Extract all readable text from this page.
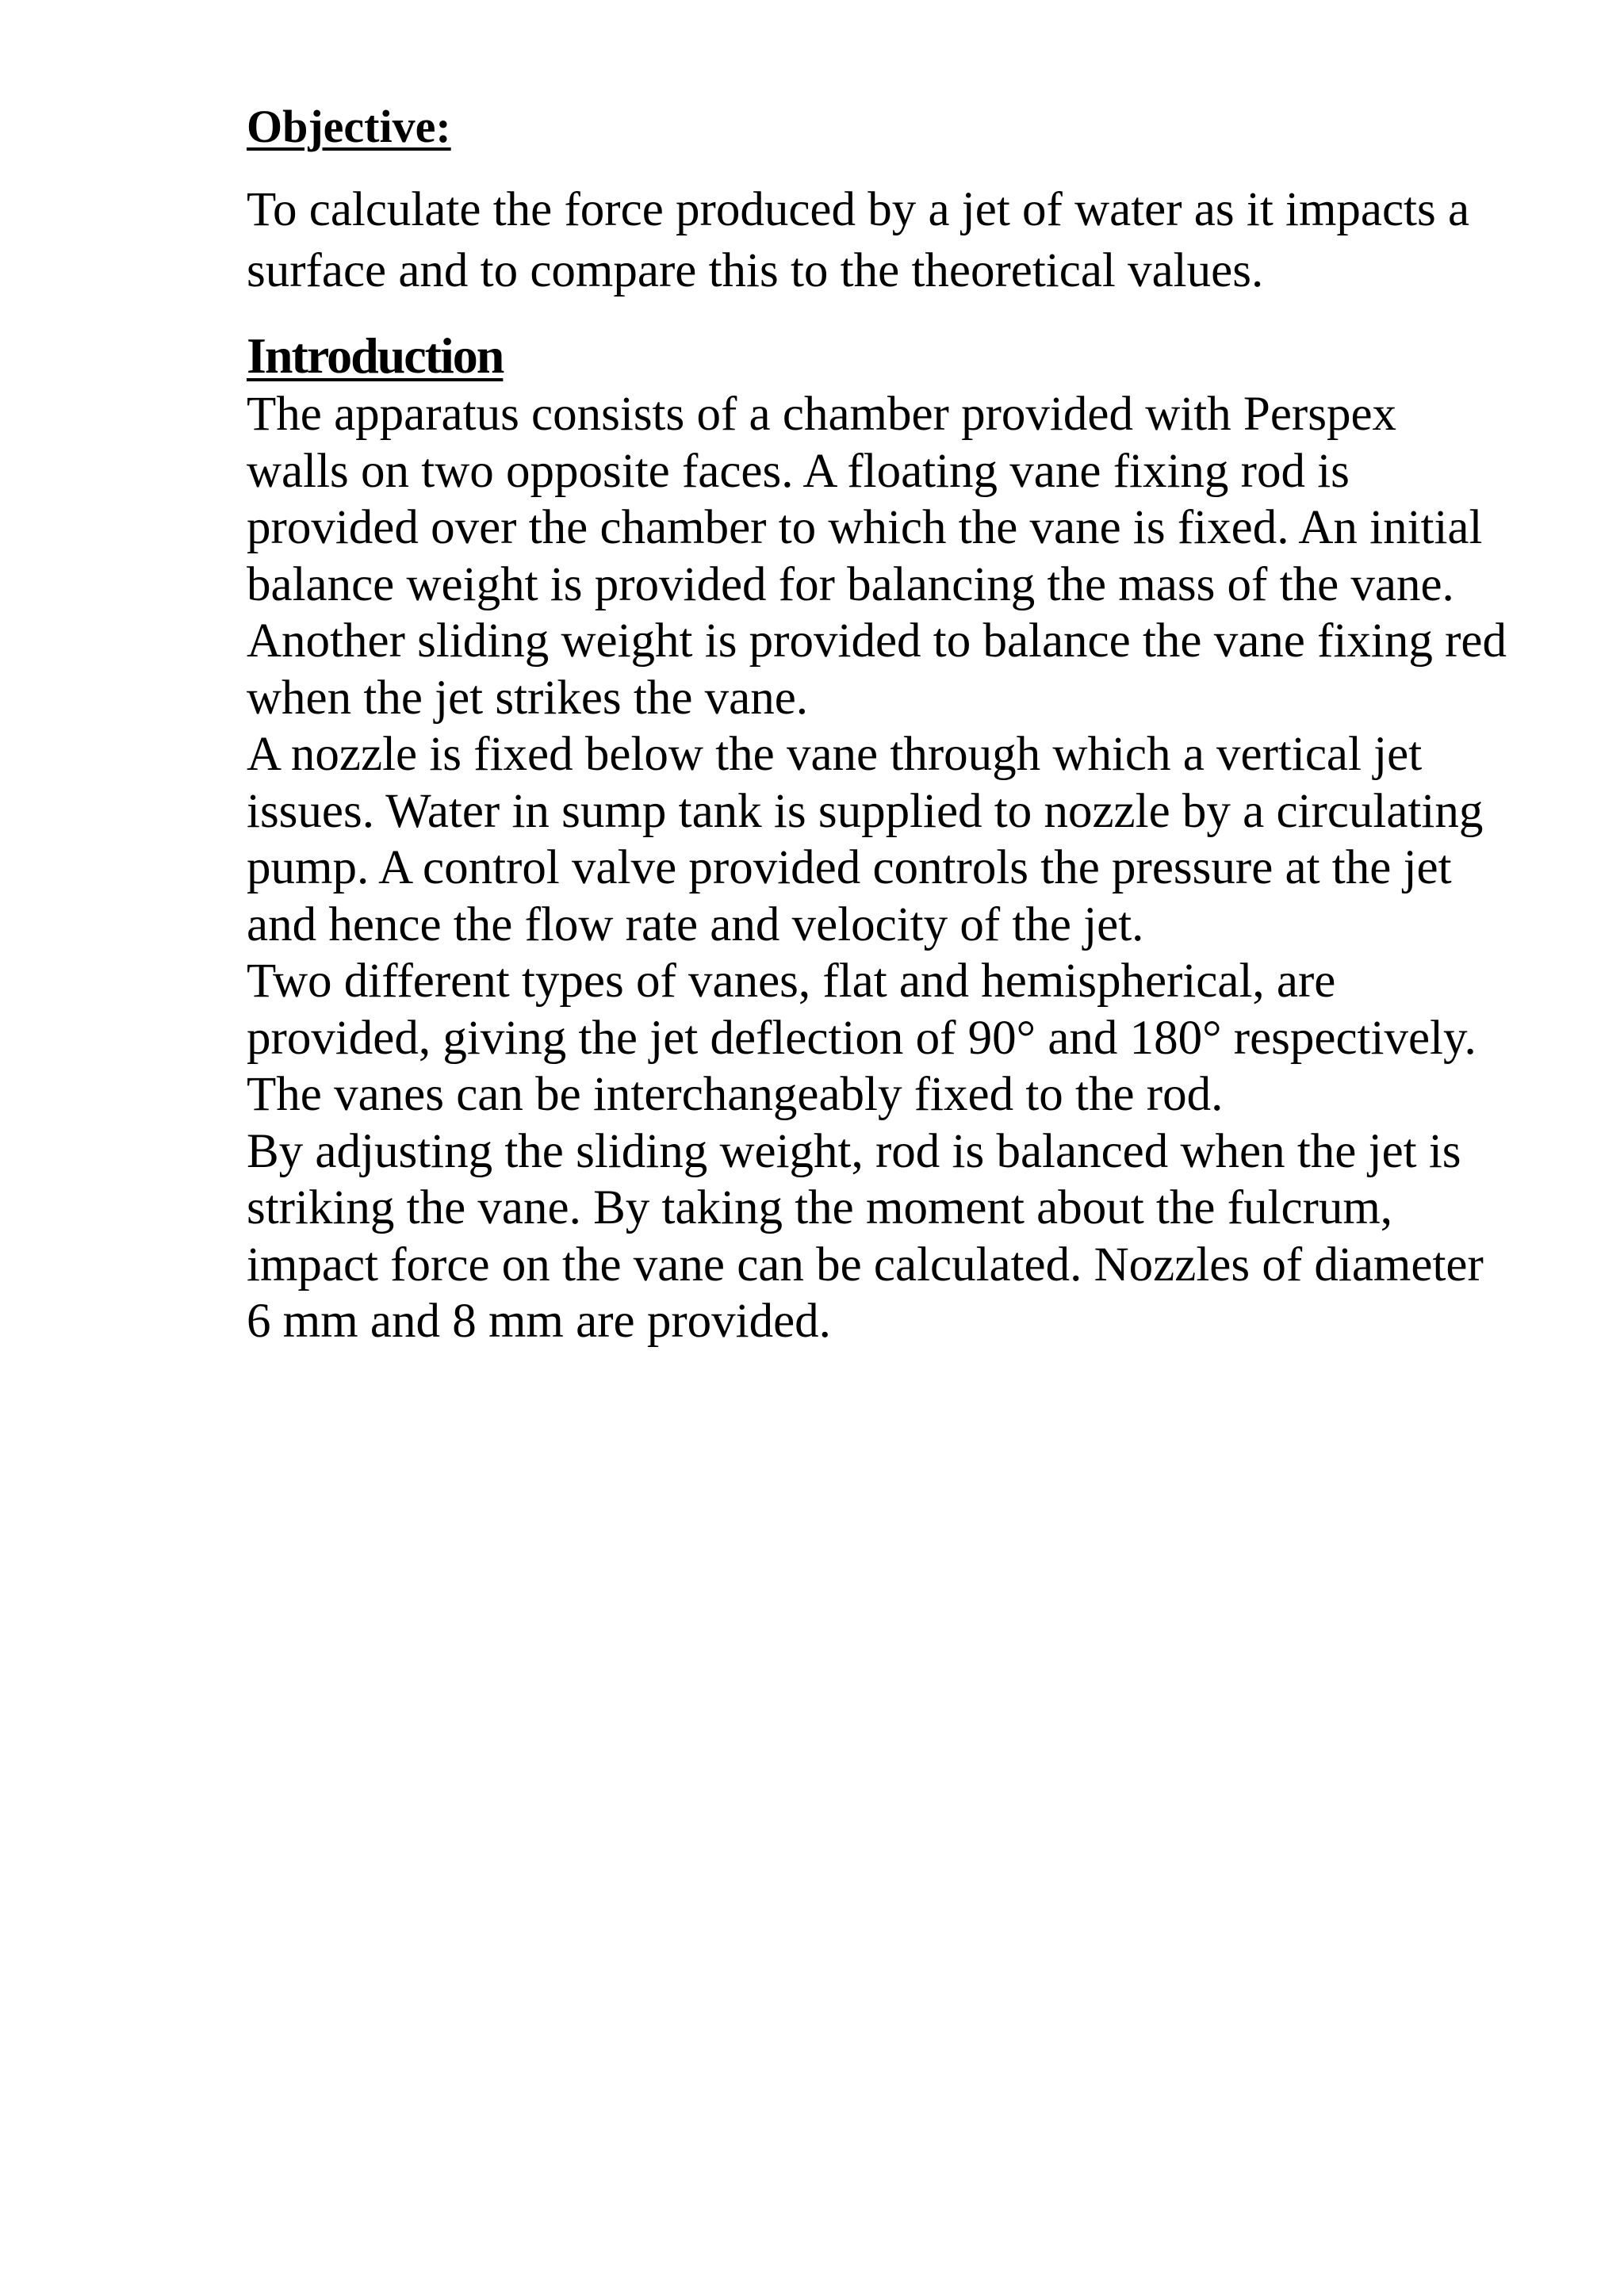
Objective:
To calculate the force produced by a jet of water as it impacts a
surface and to compare this to the theoretical values.
Introduction
The apparatus consists of a chamber provided with Perspex
walls on two opposite faces. A floating vane fixing rod is
provided over the chamber to which the vane is fixed. An initial
balance weight is provided for balancing the mass of the vane.
Another sliding weight is provided to balance the vane fixing red
when the jet strikes the vane.
A nozzle is fixed below the vane through which a vertical jet
issues. Water in sump tank is supplied to nozzle by a circulating
pump. A control valve provided controls the pressure at the jet
and hence the flow rate and velocity of the jet.
Two different types of vanes, flat and hemispherical, are
provided, giving the jet deflection of 90° and 180° respectively.
The vanes can be interchangeably fixed to the rod.
By adjusting the sliding weight, rod is balanced when the jet is
striking the vane. By taking the moment about the fulcrum,
impact force on the vane can be calculated. Nozzles of diameter
6 mm and 8 mm are provided.
